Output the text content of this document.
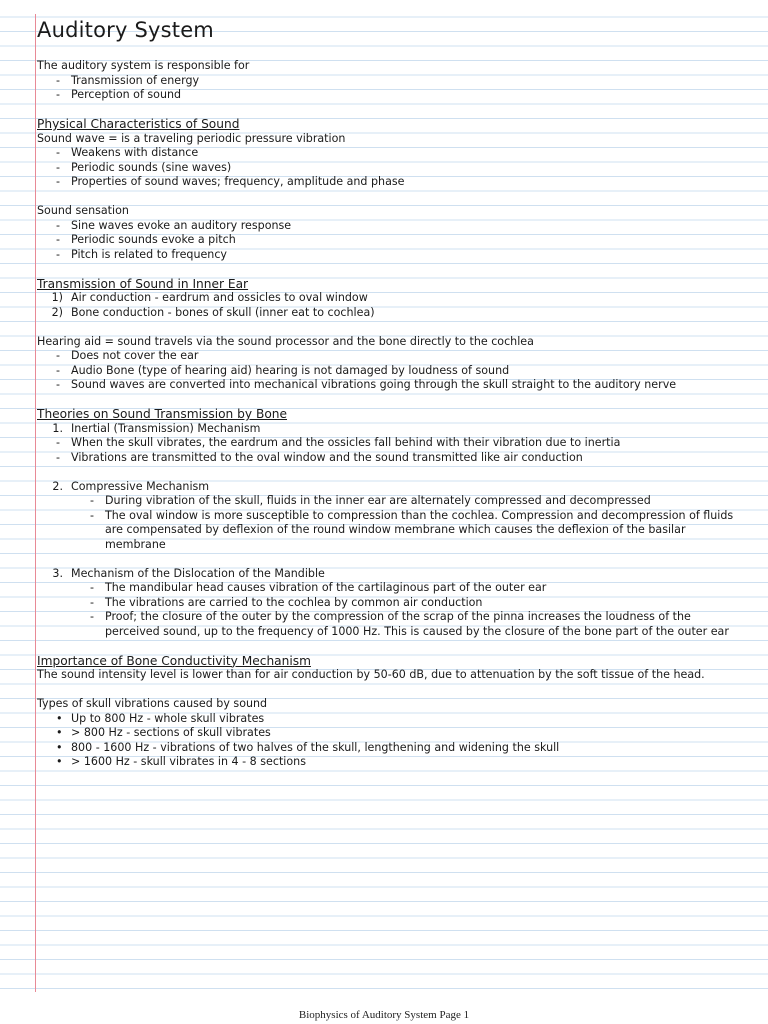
Auditory System
The auditory system is responsible for
- Transmission of energy
- Perception of sound
Physical Characteristics of Sound
Sound wave = is a traveling periodic pressure vibration
- Weakens with distance
- Periodic sounds (sine waves)
- Properties of sound waves; frequency, amplitude and phase
Sound sensation
- Sine waves evoke an auditory response
- Periodic sounds evoke a pitch
- Pitch is related to frequency
Transmission of Sound in Inner Ear
1) Air conduction - eardrum and ossicles to oval window
2) Bone conduction - bones of skull (inner eat to cochlea)
Hearing aid = sound travels via the sound processor and the bone directly to the cochlea
- Does not cover the ear
- Audio Bone (type of hearing aid) hearing is not damaged by loudness of sound
- Sound waves are converted into mechanical vibrations going through the skull straight to the auditory nerve
Theories on Sound Transmission by Bone
1. Inertial (Transmission) Mechanism
- When the skull vibrates, the eardrum and the ossicles fall behind with their vibration due to inertia
- Vibrations are transmitted to the oval window and the sound transmitted like air conduction
2. Compressive Mechanism
- During vibration of the skull, fluids in the inner ear are alternately compressed and decompressed
- The oval window is more susceptible to compression than the cochlea. Compression and decompression of fluids are compensated by deflexion of the round window membrane which causes the deflexion of the basilar membrane
3. Mechanism of the Dislocation of the Mandible
- The mandibular head causes vibration of the cartilaginous part of the outer ear
- The vibrations are carried to the cochlea by common air conduction
- Proof; the closure of the outer by the compression of the scrap of the pinna increases the loudness of the perceived sound, up to the frequency of 1000 Hz. This is caused by the closure of the bone part of the outer ear
Importance of Bone Conductivity Mechanism
The sound intensity level is lower than for air conduction by 50-60 dB, due to attenuation by the soft tissue of the head.
Types of skull vibrations caused by sound
• Up to 800 Hz - whole skull vibrates
• > 800 Hz - sections of skull vibrates
• 800 - 1600 Hz - vibrations of two halves of the skull, lengthening and widening the skull
• > 1600 Hz - skull vibrates in 4 - 8 sections
Biophysics of Auditory System Page 1
